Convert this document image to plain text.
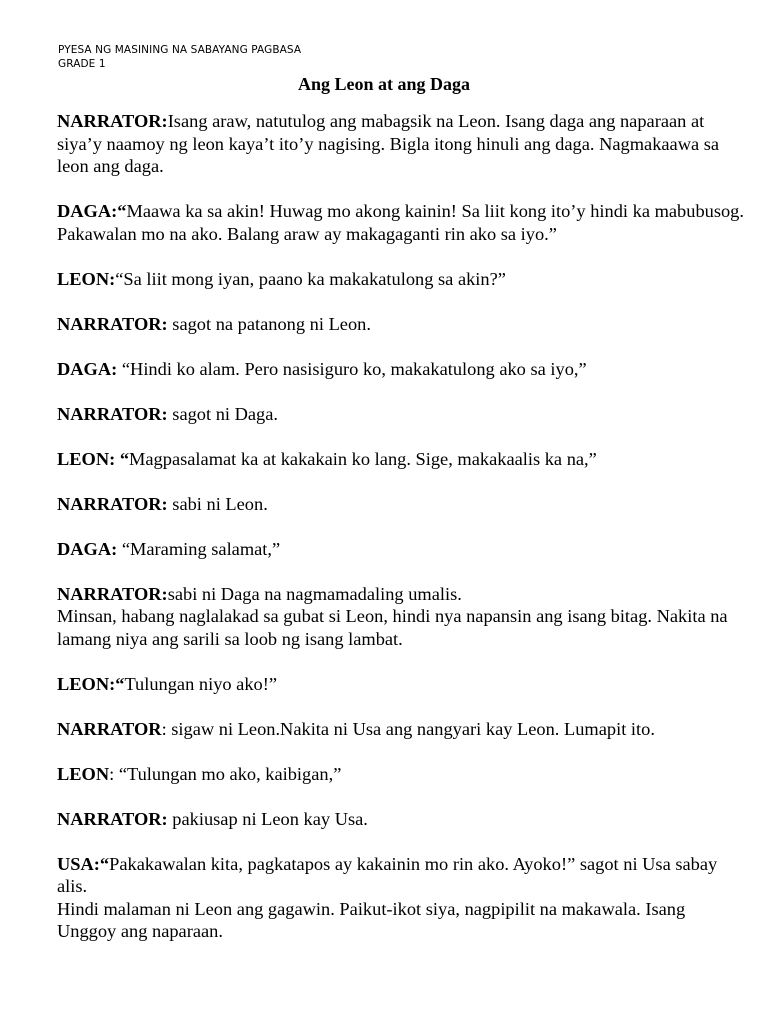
PYESA NG MASINING NA SABAYANG PAGBASA
GRADE 1
Ang Leon at ang Daga

NARRATOR:Isang araw, natutulog ang mabagsik na Leon. Isang daga ang naparaan at siya’y naamoy ng leon kaya’t ito’y nagising. Bigla itong hinuli ang daga. Nagmakaawa sa leon ang daga.

DAGA:“Maawa ka sa akin! Huwag mo akong kainin! Sa liit kong ito’y hindi ka mabubusog. Pakawalan mo na ako. Balang araw ay makagaganti rin ako sa iyo.”

LEON:“Sa liit mong iyan, paano ka makakatulong sa akin?”

NARRATOR: sagot na patanong ni Leon.

DAGA: “Hindi ko alam. Pero nasisiguro ko, makakatulong ako sa iyo,”

NARRATOR: sagot ni Daga.

LEON: “Magpasalamat ka at kakakain ko lang. Sige, makakaalis ka na,”

NARRATOR: sabi ni Leon.

DAGA: “Maraming salamat,”

NARRATOR:sabi ni Daga na nagmamadaling umalis.
Minsan, habang naglalakad sa gubat si Leon, hindi nya napansin ang isang bitag. Nakita na lamang niya ang sarili sa loob ng isang lambat.

LEON:“Tulungan niyo ako!”

NARRATOR: sigaw ni Leon.Nakita ni Usa ang nangyari kay Leon. Lumapit ito.

LEON: “Tulungan mo ako, kaibigan,”

NARRATOR: pakiusap ni Leon kay Usa.

USA:“Pakakawalan kita, pagkatapos ay kakainin mo rin ako. Ayoko!” sagot ni Usa sabay alis.
Hindi malaman ni Leon ang gagawin. Paikut-ikot siya, nagpipilit na makawala. Isang Unggoy ang naparaan.
